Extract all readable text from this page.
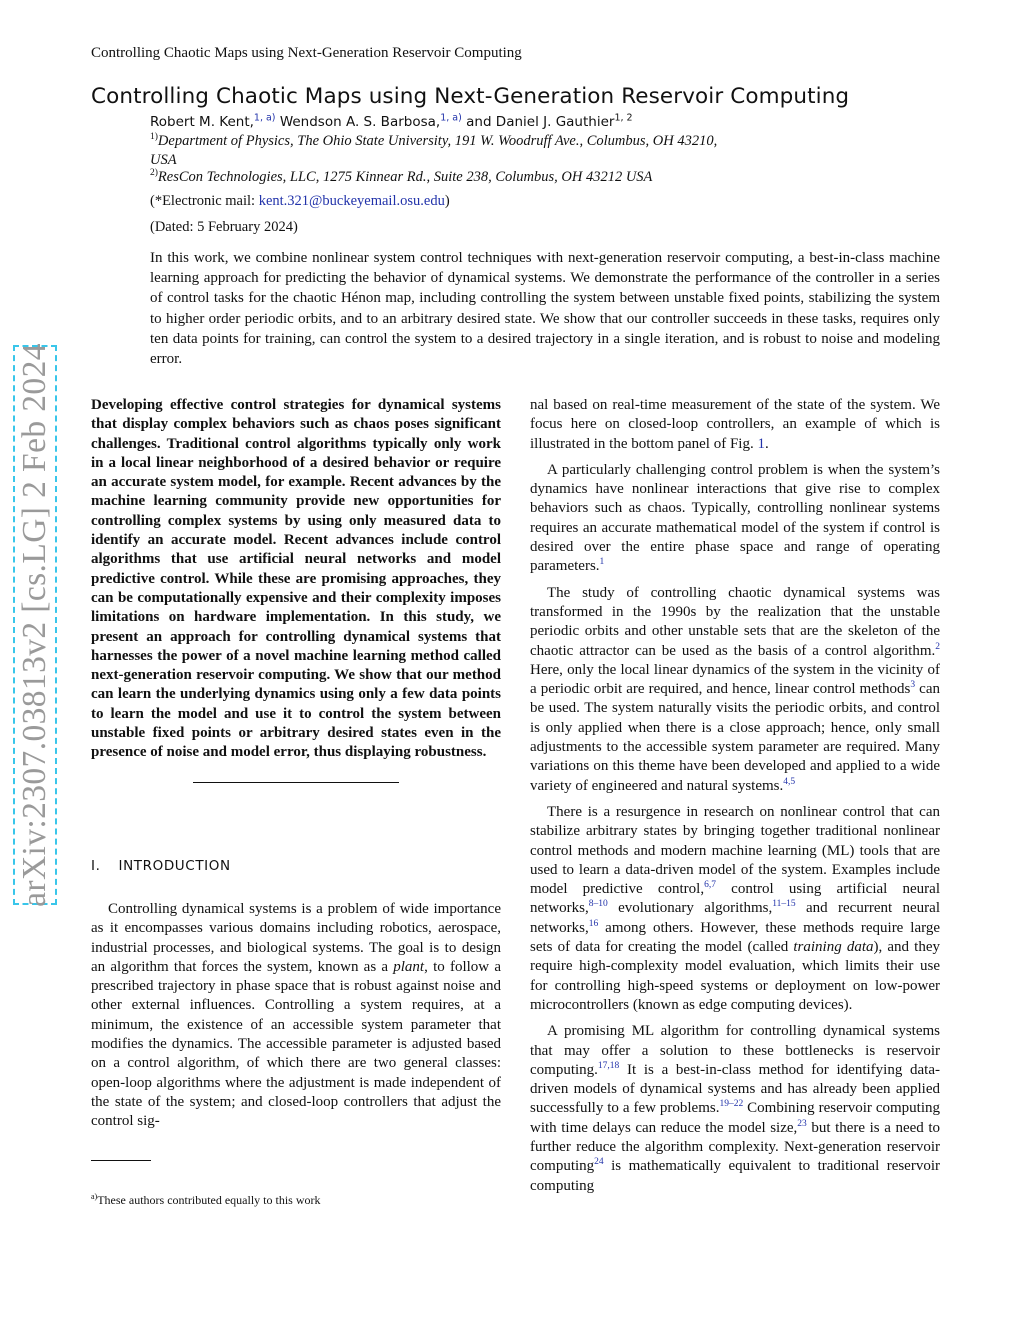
Controlling Chaotic Maps using Next-Generation Reservoir Computing
Controlling Chaotic Maps using Next-Generation Reservoir Computing
Robert M. Kent,$^{1, a)}$ Wendson A. S. Barbosa,$^{1, a)}$ and Daniel J. Gauthier$^{1, 2}$
$^{1)}$Department of Physics, The Ohio State University, 191 W. Woodruff Ave., Columbus, OH 43210,
USA
$^{2)}$ResCon Technologies, LLC, 1275 Kinnear Rd., Suite 238, Columbus, OH 43212 USA
(*Electronic mail: kent.321@buckeyemail.osu.edu)
(Dated: 5 February 2024)
In this work, we combine nonlinear system control techniques with next-generation reservoir computing, a best-in-class machine learning approach for predicting the behavior of dynamical systems. We demonstrate the performance of the controller in a series of control tasks for the chaotic Hénon map, including controlling the system between unstable fixed points, stabilizing the system to higher order periodic orbits, and to an arbitrary desired state. We show that our controller succeeds in these tasks, requires only ten data points for training, can control the system to a desired trajectory in a single iteration, and is robust to noise and modeling error.

Developing effective control strategies for dynamical systems that display complex behaviors such as chaos poses significant challenges. Traditional control algorithms typically only work in a local linear neighborhood of a desired behavior or require an accurate system model, for example. Recent advances by the machine learning community provide new opportunities for controlling complex systems by using only measured data to identify an accurate model. Recent advances include control algorithms that use artificial neural networks and model predictive control. While these are promising approaches, they can be computationally expensive and their complexity imposes limitations on hardware implementation. In this study, we present an approach for controlling dynamical systems that harnesses the power of a novel machine learning method called next-generation reservoir computing. We show that our method can learn the underlying dynamics using only a few data points to learn the model and use it to control the system between unstable fixed points or arbitrary desired states even in the presence of noise and model error, thus displaying robustness.

I. INTRODUCTION

Controlling dynamical systems is a problem of wide importance as it encompasses various domains including robotics, aerospace, industrial processes, and biological systems. The goal is to design an algorithm that forces the system, known as a plant, to follow a prescribed trajectory in phase space that is robust against noise and other external influences. Controlling a system requires, at a minimum, the existence of an accessible system parameter that modifies the dynamics. The accessible parameter is adjusted based on a control algorithm, of which there are two general classes: open-loop algorithms where the adjustment is made independent of the state of the system; and closed-loop controllers that adjust the control sig-

nal based on real-time measurement of the state of the system. We focus here on closed-loop controllers, an example of which is illustrated in the bottom panel of Fig. 1.

A particularly challenging control problem is when the system’s dynamics have nonlinear interactions that give rise to complex behaviors such as chaos. Typically, controlling nonlinear systems requires an accurate mathematical model of the system if control is desired over the entire phase space and range of operating parameters.$^1$

The study of controlling chaotic dynamical systems was transformed in the 1990s by the realization that the unstable periodic orbits and other unstable sets that are the skeleton of the chaotic attractor can be used as the basis of a control algorithm.$^2$ Here, only the local linear dynamics of the system in the vicinity of a periodic orbit are required, and hence, linear control methods$^3$ can be used. The system naturally visits the periodic orbits, and control is only applied when there is a close approach; hence, only small adjustments to the accessible system parameter are required. Many variations on this theme have been developed and applied to a wide variety of engineered and natural systems.$^{4,5}$

There is a resurgence in research on nonlinear control that can stabilize arbitrary states by bringing together traditional nonlinear control methods and modern machine learning (ML) tools that are used to learn a data-driven model of the system. Examples include model predictive control,$^{6,7}$ control using artificial neural networks,$^{8-10}$ evolutionary algorithms,$^{11-15}$ and recurrent neural networks,$^{16}$ among others. However, these methods require large sets of data for creating the model (called training data), and they require high-complexity model evaluation, which limits their use for controlling high-speed systems or deployment on low-power microcontrollers (known as edge computing devices).

A promising ML algorithm for controlling dynamical systems that may offer a solution to these bottlenecks is reservoir computing.$^{17,18}$ It is a best-in-class method for identifying data-driven models of dynamical systems and has already been applied successfully to a few problems.$^{19-22}$ Combining reservoir computing with time delays can reduce the model size,$^{23}$ but there is a need to further reduce the algorithm complexity. Next-generation reservoir computing$^{24}$ is mathematically equivalent to traditional reservoir computing

$^{a)}$These authors contributed equally to this work
arXiv:2307.03813v2 [cs.LG] 2 Feb 2024
